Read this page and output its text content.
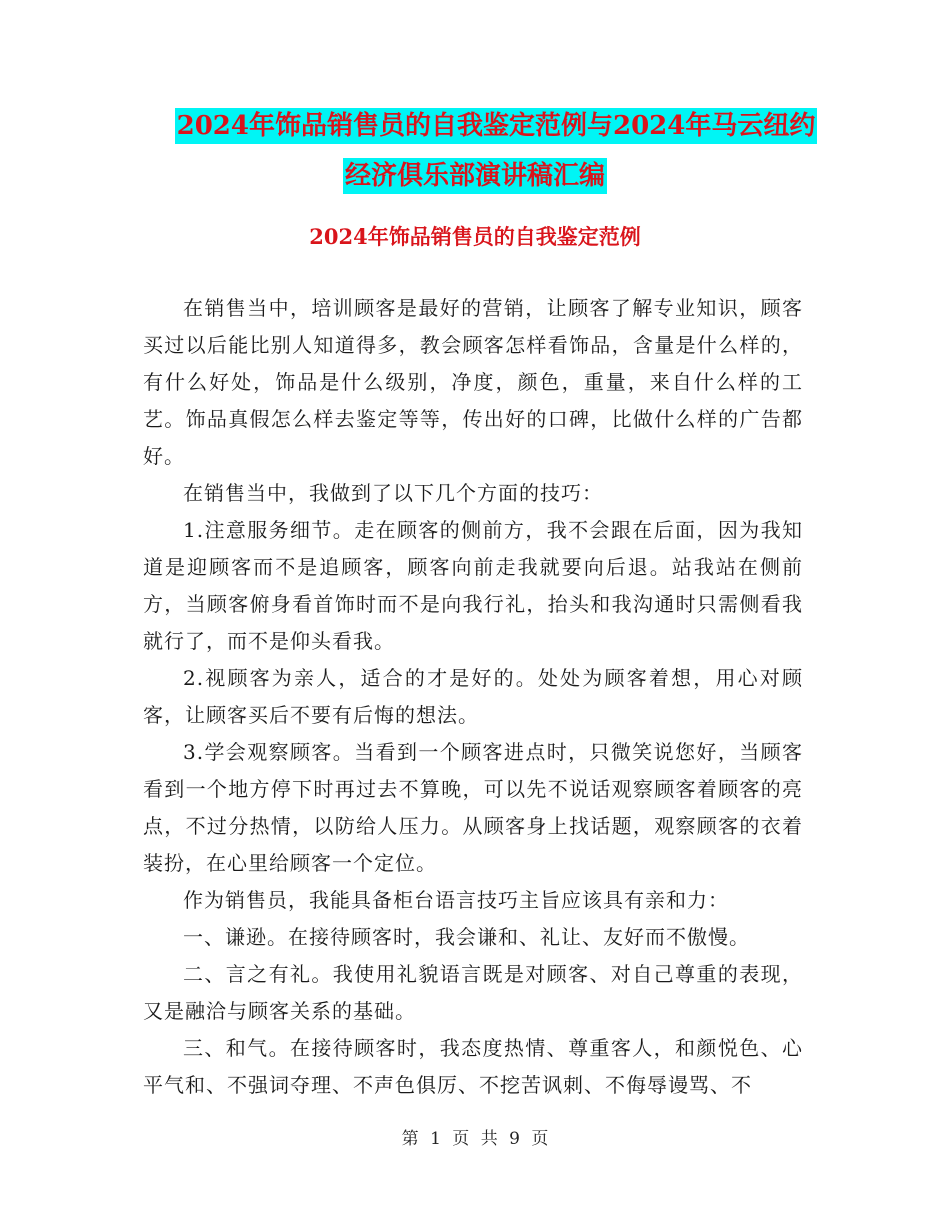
2024年饰品销售员的自我鉴定范例与2024年马云纽约
经济俱乐部演讲稿汇编
2024年饰品销售员的自我鉴定范例

在销售当中，培训顾客是最好的营销，让顾客了解专业知识，顾客买过以后能比别人知道得多，教会顾客怎样看饰品，含量是什么样的，有什么好处，饰品是什么级别，净度，颜色，重量，来自什么样的工艺。饰品真假怎么样去鉴定等等，传出好的口碑，比做什么样的广告都好。

在销售当中，我做到了以下几个方面的技巧：

1.注意服务细节。走在顾客的侧前方，我不会跟在后面，因为我知道是迎顾客而不是追顾客，顾客向前走我就要向后退。站我站在侧前方，当顾客俯身看首饰时而不是向我行礼，抬头和我沟通时只需侧看我就行了，而不是仰头看我。

2.视顾客为亲人，适合的才是好的。处处为顾客着想，用心对顾客，让顾客买后不要有后悔的想法。

3.学会观察顾客。当看到一个顾客进点时，只微笑说您好，当顾客看到一个地方停下时再过去不算晚，可以先不说话观察顾客着顾客的亮点，不过分热情，以防给人压力。从顾客身上找话题，观察顾客的衣着装扮，在心里给顾客一个定位。

作为销售员，我能具备柜台语言技巧主旨应该具有亲和力：

一、谦逊。在接待顾客时，我会谦和、礼让、友好而不傲慢。

二、言之有礼。我使用礼貌语言既是对顾客、对自己尊重的表现，又是融洽与顾客关系的基础。

三、和气。在接待顾客时，我态度热情、尊重客人，和颜悦色、心平气和、不强词夺理、不声色俱厉、不挖苦讽刺、不侮辱谩骂、不

第 1 页 共 9 页
